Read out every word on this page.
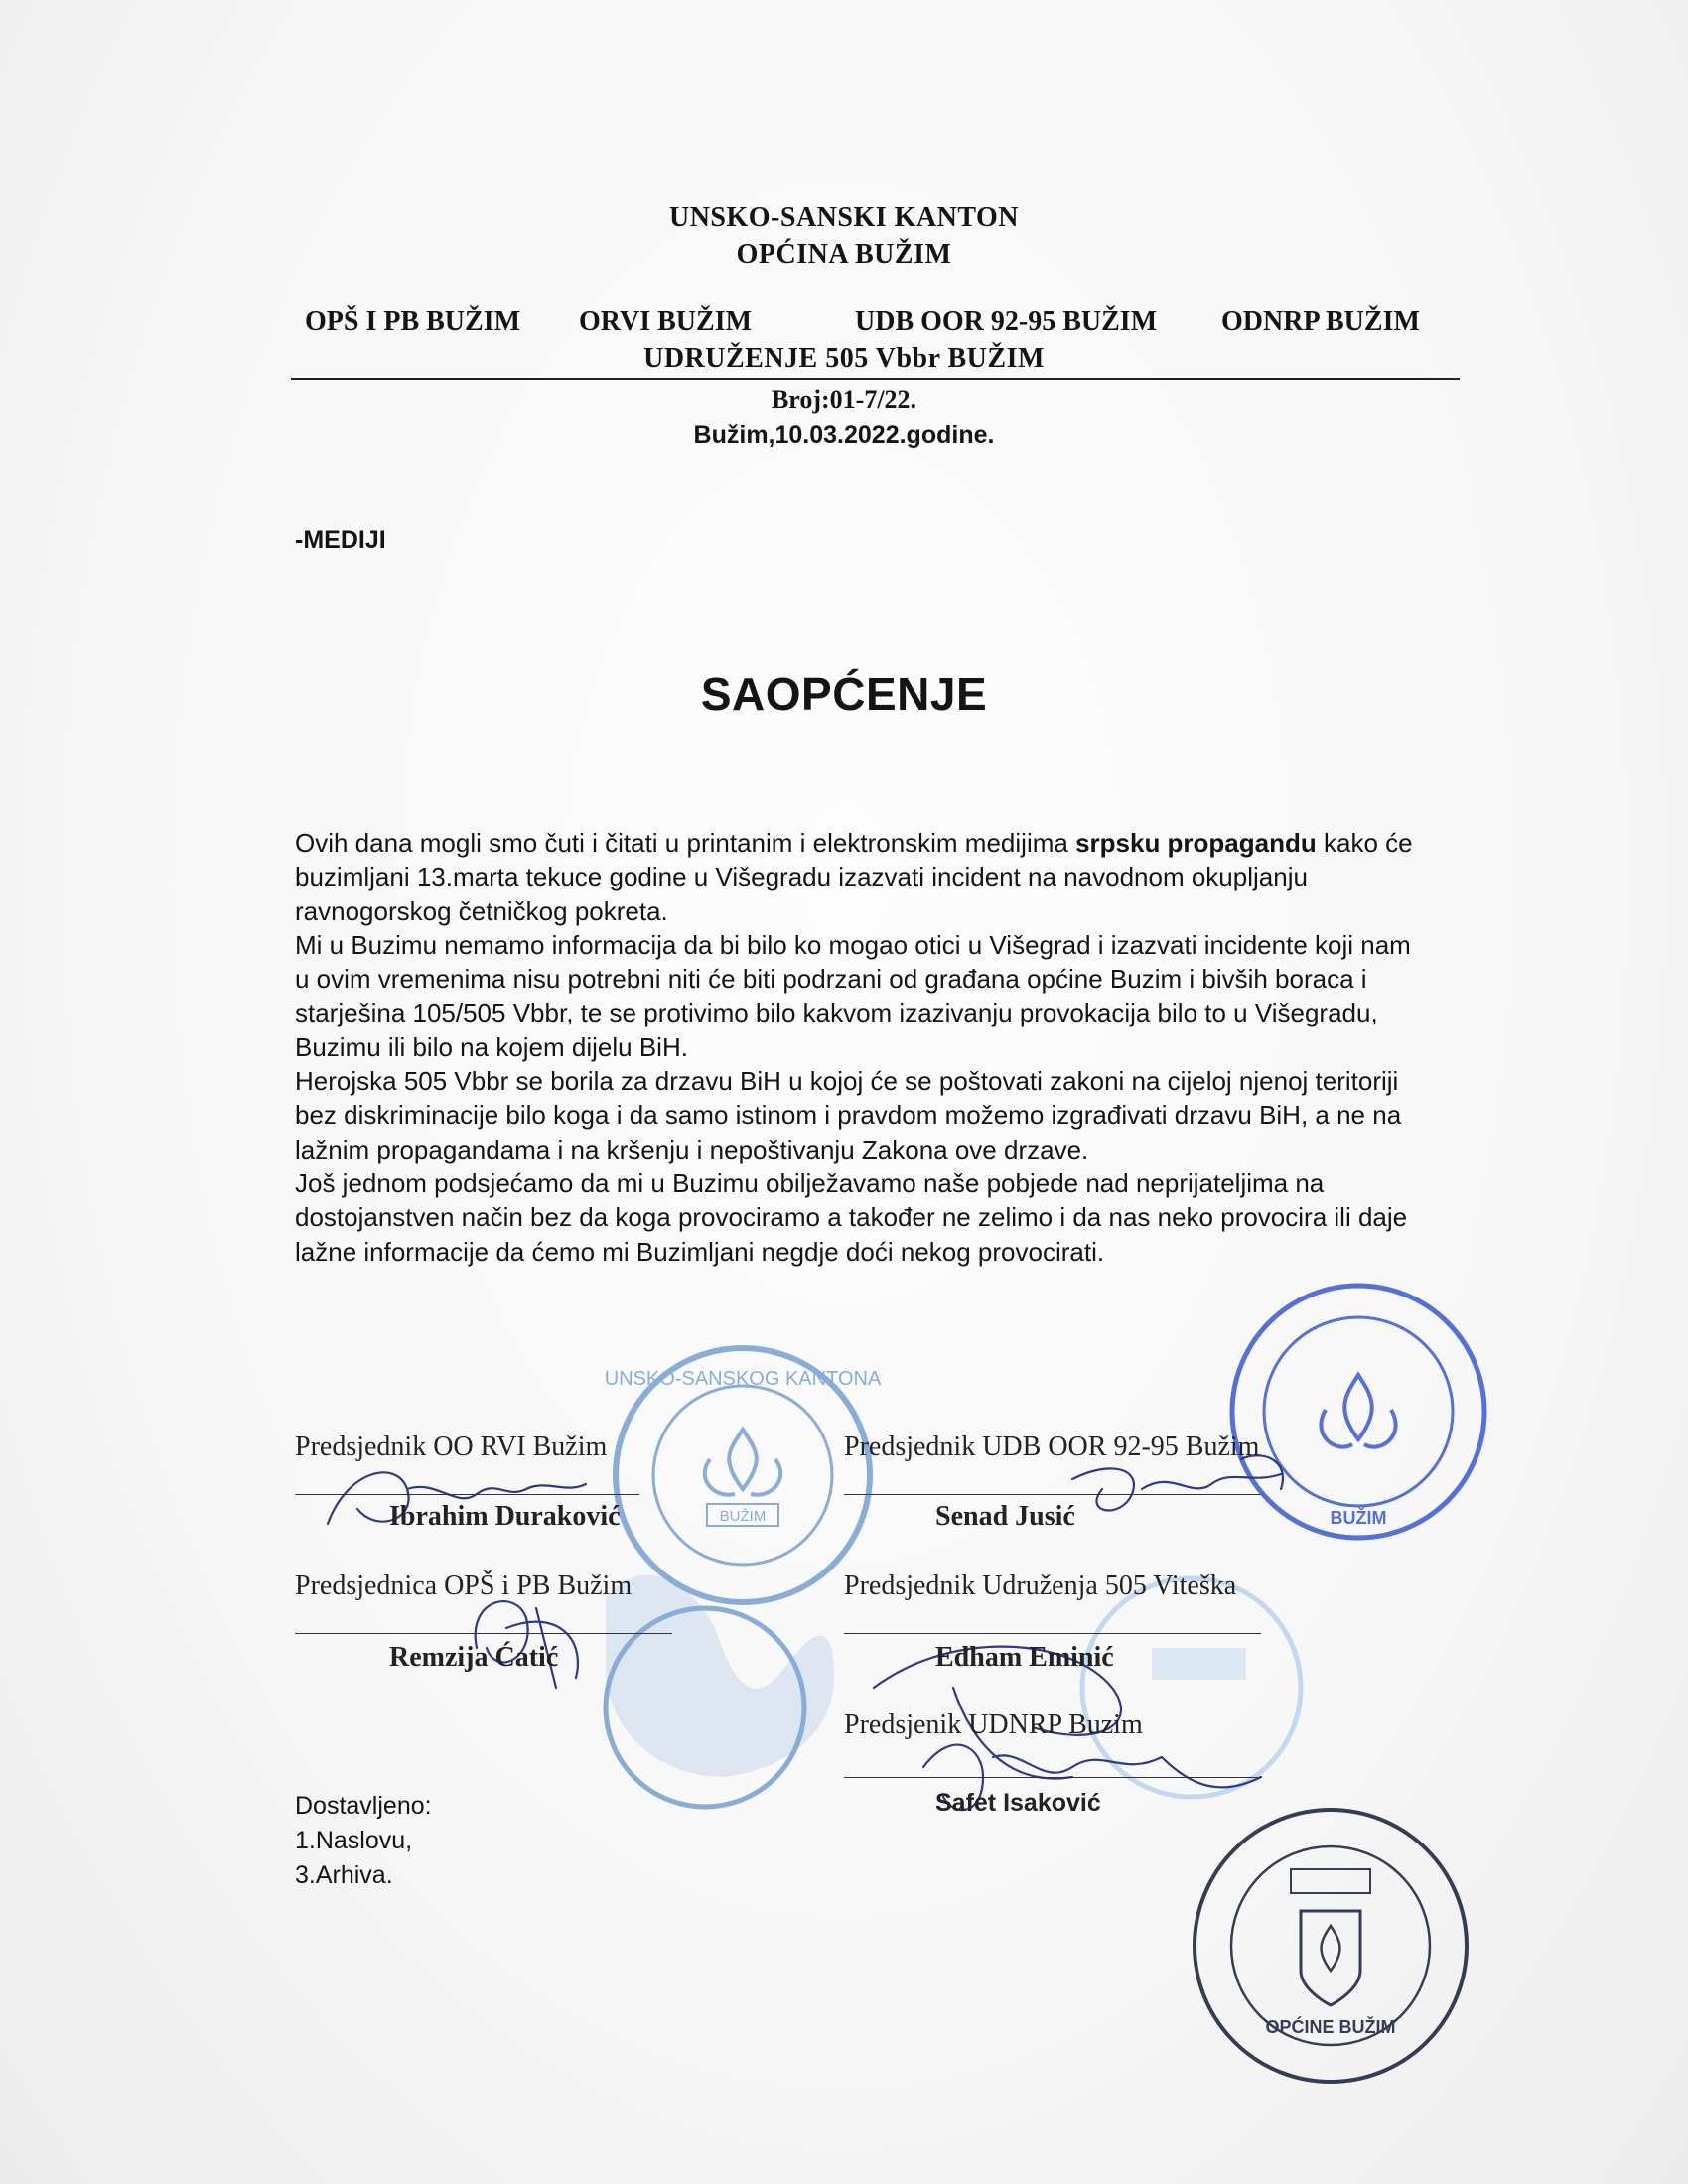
UNSKO-SANSKI KANTON
OPĆINA BUŽIM
OPŠ I PB BUŽIM ORVI BUŽIM	UDB OOR 92-95 BUŽIM ODNRP BUŽIM
UDRUŽENJE 505 Vbbr BUŽIM
Broj:01-7/22.
Bužim,10.03.2022.godine.
-MEDIJI
SAOPĆENJE

Ovih dana mogli smo čuti i čitati u printanim i elektronskim medijima srpsku propagandu kako će buzimljani 13.marta tekuce godine u Višegradu izazvati incident na navodnom okupljanju ravnogorskog četničkog pokreta.

Mi u Buzimu nemamo informacija da bi bilo ko mogao otici u Višegrad i izazvati incidente koji nam u ovim vremenima nisu potrebni niti će biti podrzani od građana općine Buzim i bivših boraca i starješina 105/505 Vbbr, te se protivimo bilo kakvom izazivanju provokacija bilo to u Višegradu, Buzimu ili bilo na kojem dijelu BiH.

Herojska 505 Vbbr se borila za drzavu BiH u kojoj će se poštovati zakoni na cijeloj njenoj teritoriji bez diskriminacije bilo koga i da samo istinom i pravdom možemo izgrađivati drzavu BiH, a ne na lažnim propagandama i na kršenju i nepoštivanju Zakona ove drzave.

Još jednom podsjećamo da mi u Buzimu obilježavamo naše pobjede nad neprijateljima na dostojanstven način bez da koga provociramo a također ne zelimo i da nas neko provocira ili daje lažne informacije da ćemo mi Buzimljani negdje doći nekog provocirati.

BUŽIM
UNSKO-SANSKOG KANTONA
BUŽIM
OPĆINE BUŽIM
Predsjednik OO RVI Bužim
Ibrahim Duraković
Predsjednik UDB OOR 92-95 Bužim
Senad Jusić
Predsjednica OPŠ i PB Bužim
Remzija Ćatić
Predsjednik Udruženja 505 Viteška
Edham Eminić
Predsjenik UDNRP Buzim
Safet Isaković
Dostavljeno:
1.Naslovu,
3.Arhiva.
